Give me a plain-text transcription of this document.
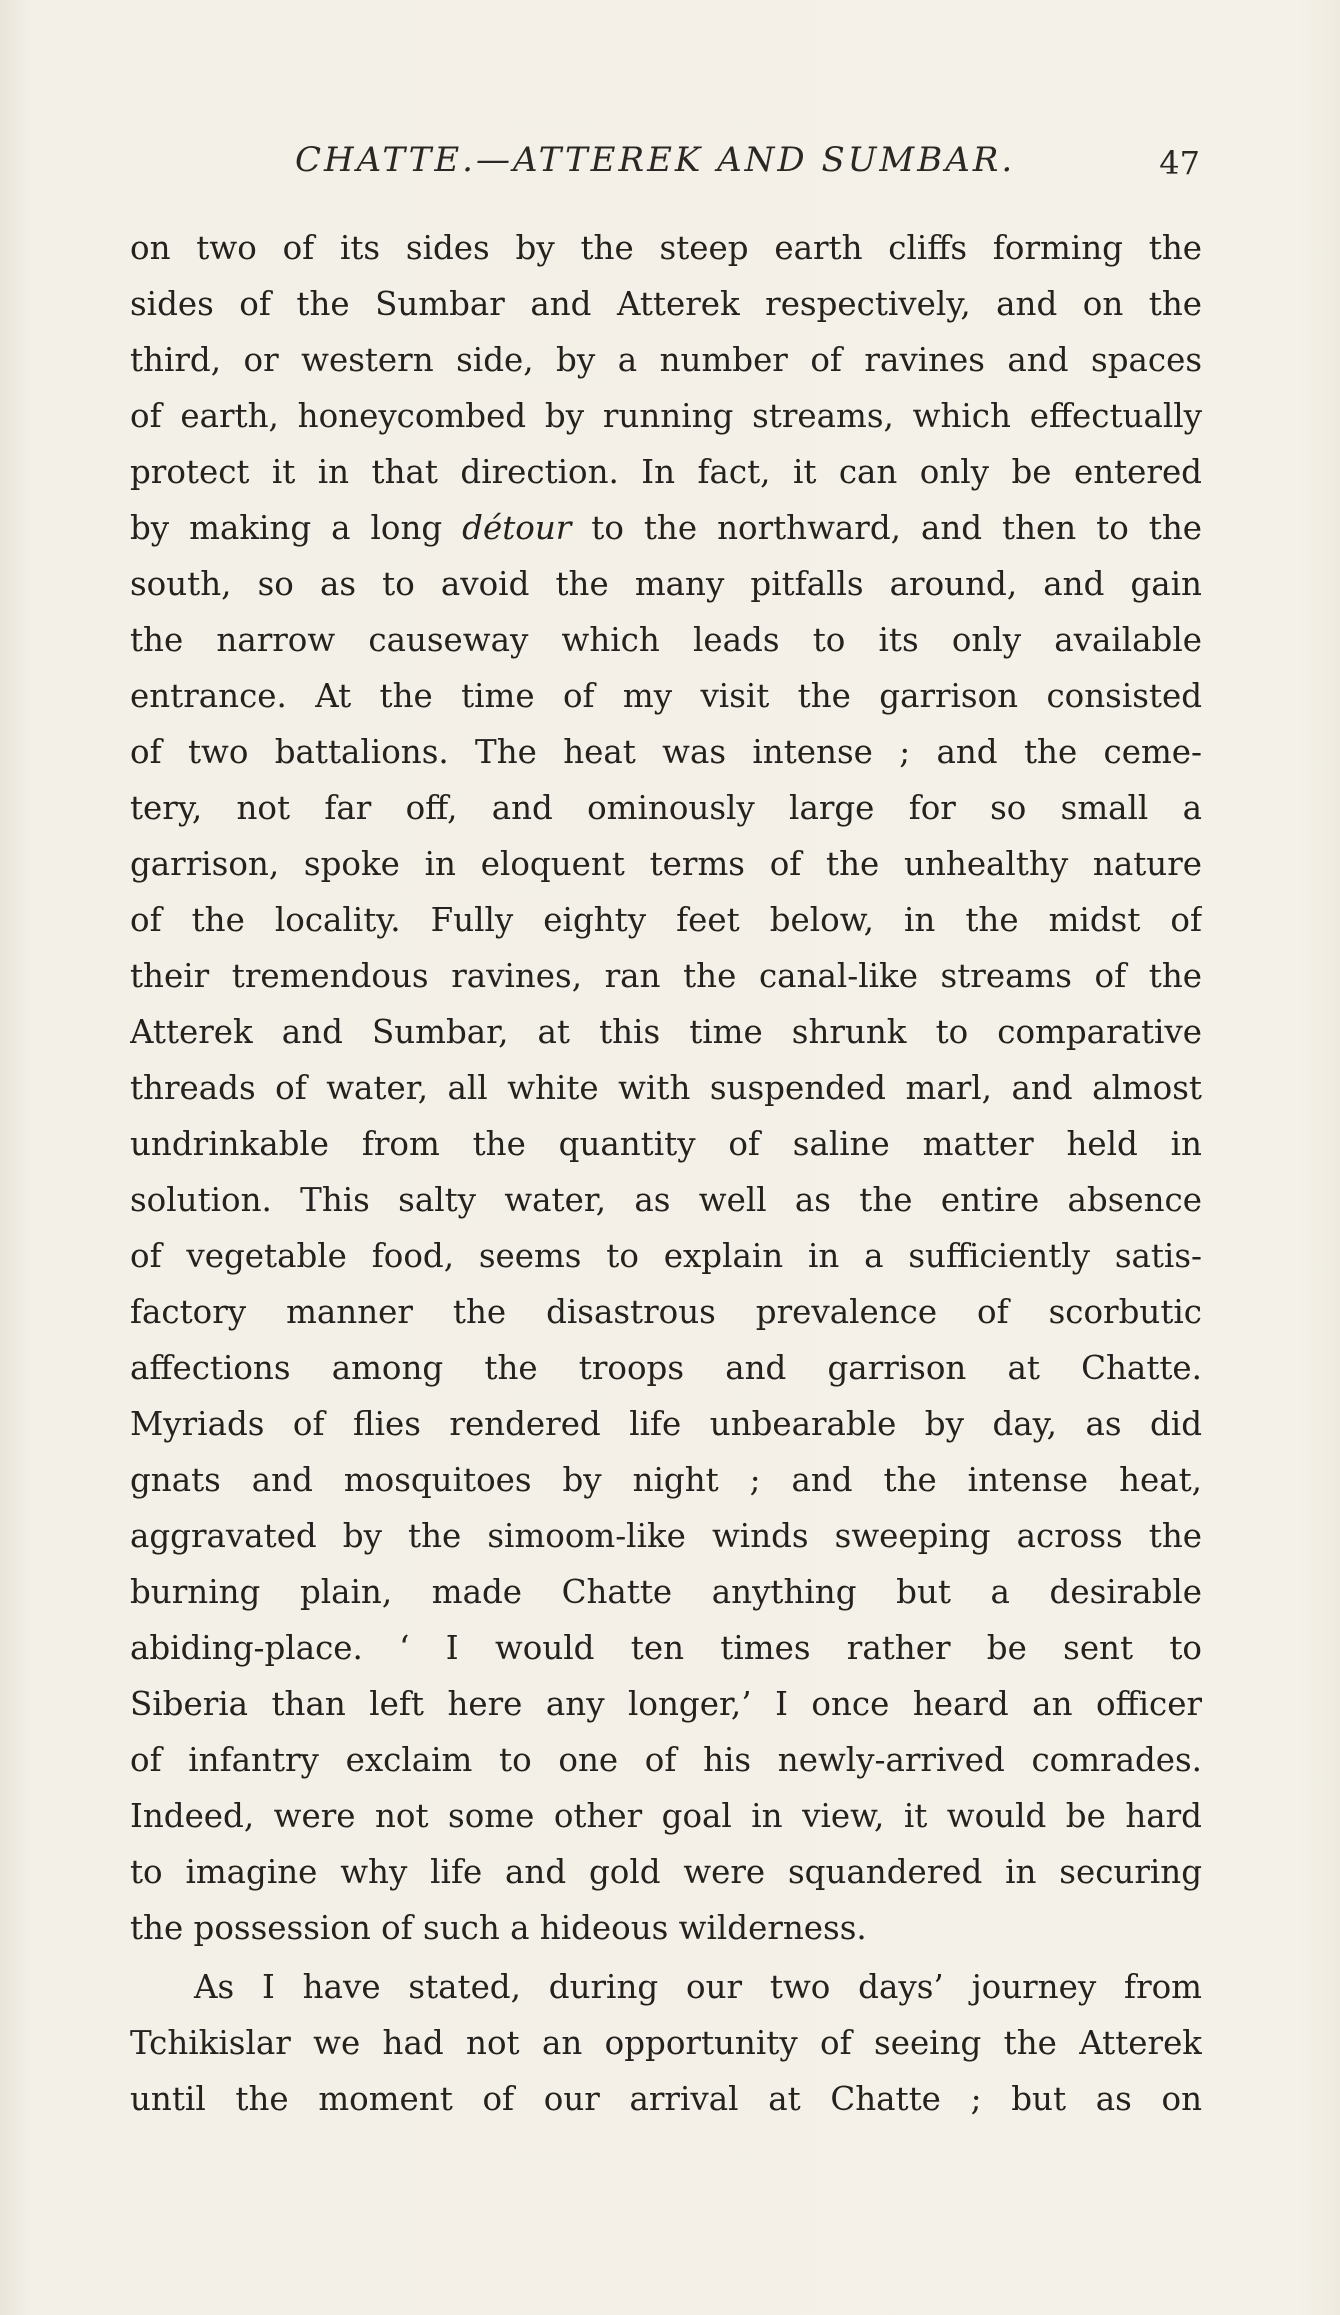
CHATTE.—ATTEREK AND SUMBAR.	47
on two of its sides by the steep earth cliffs forming the
sides of the Sumbar and Atterek respectively, and on the
third, or western side, by a number of ravines and spaces
of earth, honeycombed by running streams, which effectually
protect it in that direction. In fact, it can only be entered
by making a long détour to the northward, and then to the
south, so as to avoid the many pitfalls around, and gain
the narrow causeway which leads to its only available
entrance. At the time of my visit the garrison consisted
of two battalions. The heat was intense ; and the ceme-
tery, not far off, and ominously large for so small a
garrison, spoke in eloquent terms of the unhealthy nature
of the locality. Fully eighty feet below, in the midst of
their tremendous ravines, ran the canal-like streams of the
Atterek and Sumbar, at this time shrunk to comparative
threads of water, all white with suspended marl, and almost
undrinkable from the quantity of saline matter held in
solution. This salty water, as well as the entire absence
of vegetable food, seems to explain in a sufficiently satis-
factory manner the disastrous prevalence of scorbutic
affections among the troops and garrison at Chatte.
Myriads of flies rendered life unbearable by day, as did
gnats and mosquitoes by night ; and the intense heat,
aggravated by the simoom-like winds sweeping across the
burning plain, made Chatte anything but a desirable
abiding-place. ‘ I would ten times rather be sent to
Siberia than left here any longer,’ I once heard an officer
of infantry exclaim to one of his newly-arrived comrades.
Indeed, were not some other goal in view, it would be hard
to imagine why life and gold were squandered in securing
the possession of such a hideous wilderness.
As I have stated, during our two days’ journey from
Tchikislar we had not an opportunity of seeing the Atterek
until the moment of our arrival at Chatte ; but as on
